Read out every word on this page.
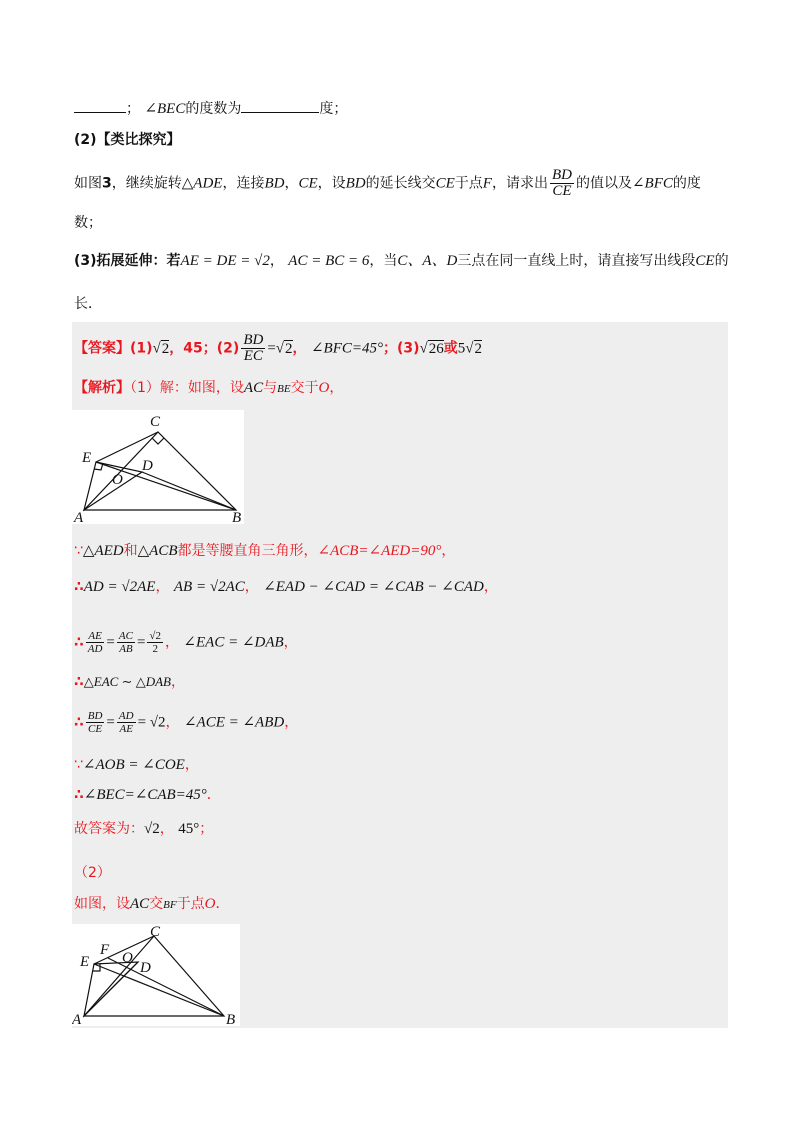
； ∠BEC的度数为	度；
(2)【类比探究】
如图3，继续旋转△ADE，连接BD，CE，设BD的延长线交CE于点F，请求出 $\frac{BD}{CE}$ 的值以及∠BFC的度
数；
(3)拓展延伸：若AE = DE = √2， AC = BC = 6，当C、A、D三点在同一直线上时，请直接写出线段CE的
长．
【答案】(1)√2，45；$(2) \frac{BD}{EC} =√2$， ∠BFC=45°；(3)√26或5√2
【解析】（1）解：如图，设AC与BE交于O，
C
E	D
O
A	B
∵△AED和△ACB都是等腰直角三角形，∠ACB=∠AED=90°，
∴AD = √2AE， AB = √2AC， ∠EAD − ∠CAD = ∠CAB − ∠CAD，
∴ $\frac{AE}{AD} = \frac{AC}{AB} = \frac{√2}{2}$ ， ∠EAC = ∠DAB，
∴△EAC ∼ △DAB，
∴ $\frac{BD}{CE} = \frac{AD}{AE} = √2$， ∠ACE = ∠ABD，
∵∠AOB = ∠COE，
∴∠BEC=∠CAB=45°．
故答案为：√2， 45°；
（2）
如图，设AC交BF于点O．
C
E
F O
D
A	B
